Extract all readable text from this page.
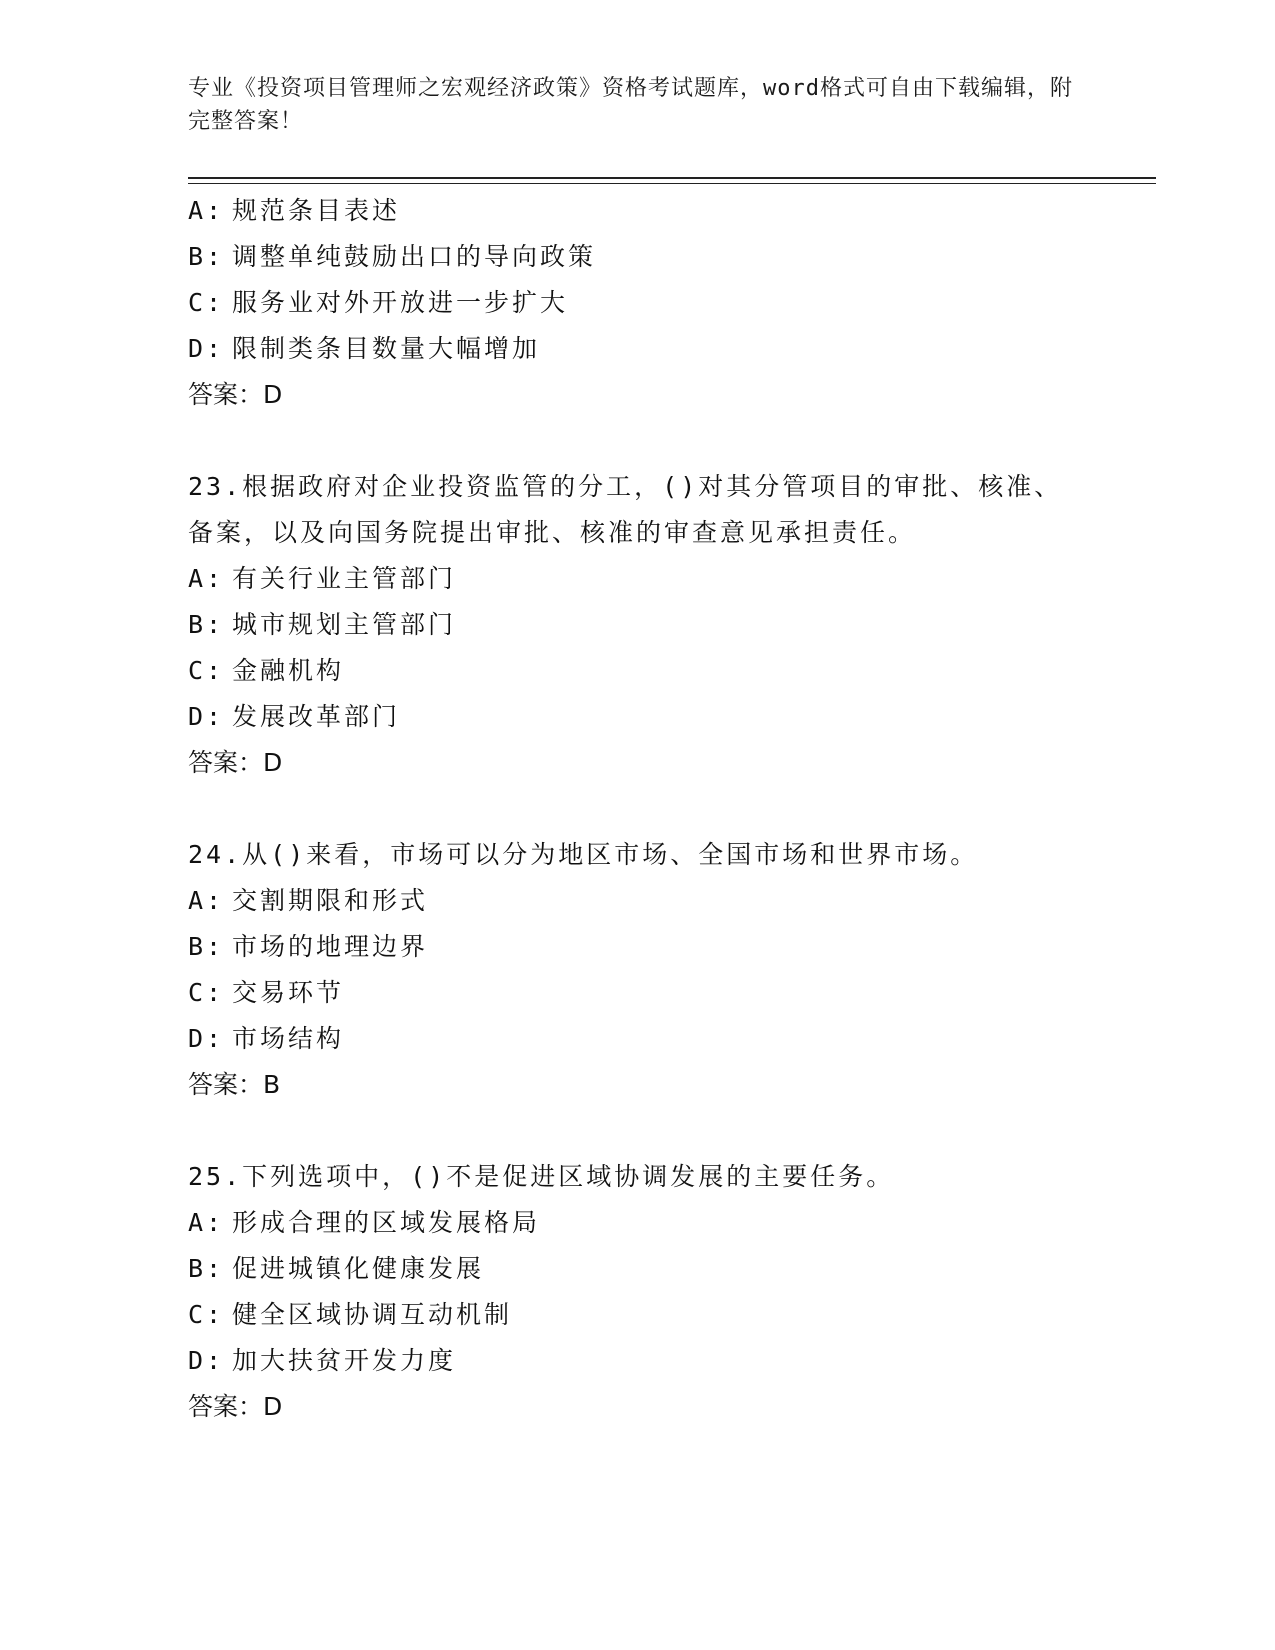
专业《投资项目管理师之宏观经济政策》资格考试题库，word格式可自由下载编辑，附完整答案！
A: 规范条目表述
B: 调整单纯鼓励出口的导向政策
C: 服务业对外开放进一步扩大
D: 限制类条目数量大幅增加
答案：D
23.根据政府对企业投资监管的分工，()对其分管项目的审批、核准、备案，以及向国务院提出审批、核准的审查意见承担责任。
A: 有关行业主管部门
B: 城市规划主管部门
C: 金融机构
D: 发展改革部门
答案：D
24.从()来看，市场可以分为地区市场、全国市场和世界市场。
A: 交割期限和形式
B: 市场的地理边界
C: 交易环节
D: 市场结构
答案：B
25.下列选项中，()不是促进区域协调发展的主要任务。
A: 形成合理的区域发展格局
B: 促进城镇化健康发展
C: 健全区域协调互动机制
D: 加大扶贫开发力度
答案：D
